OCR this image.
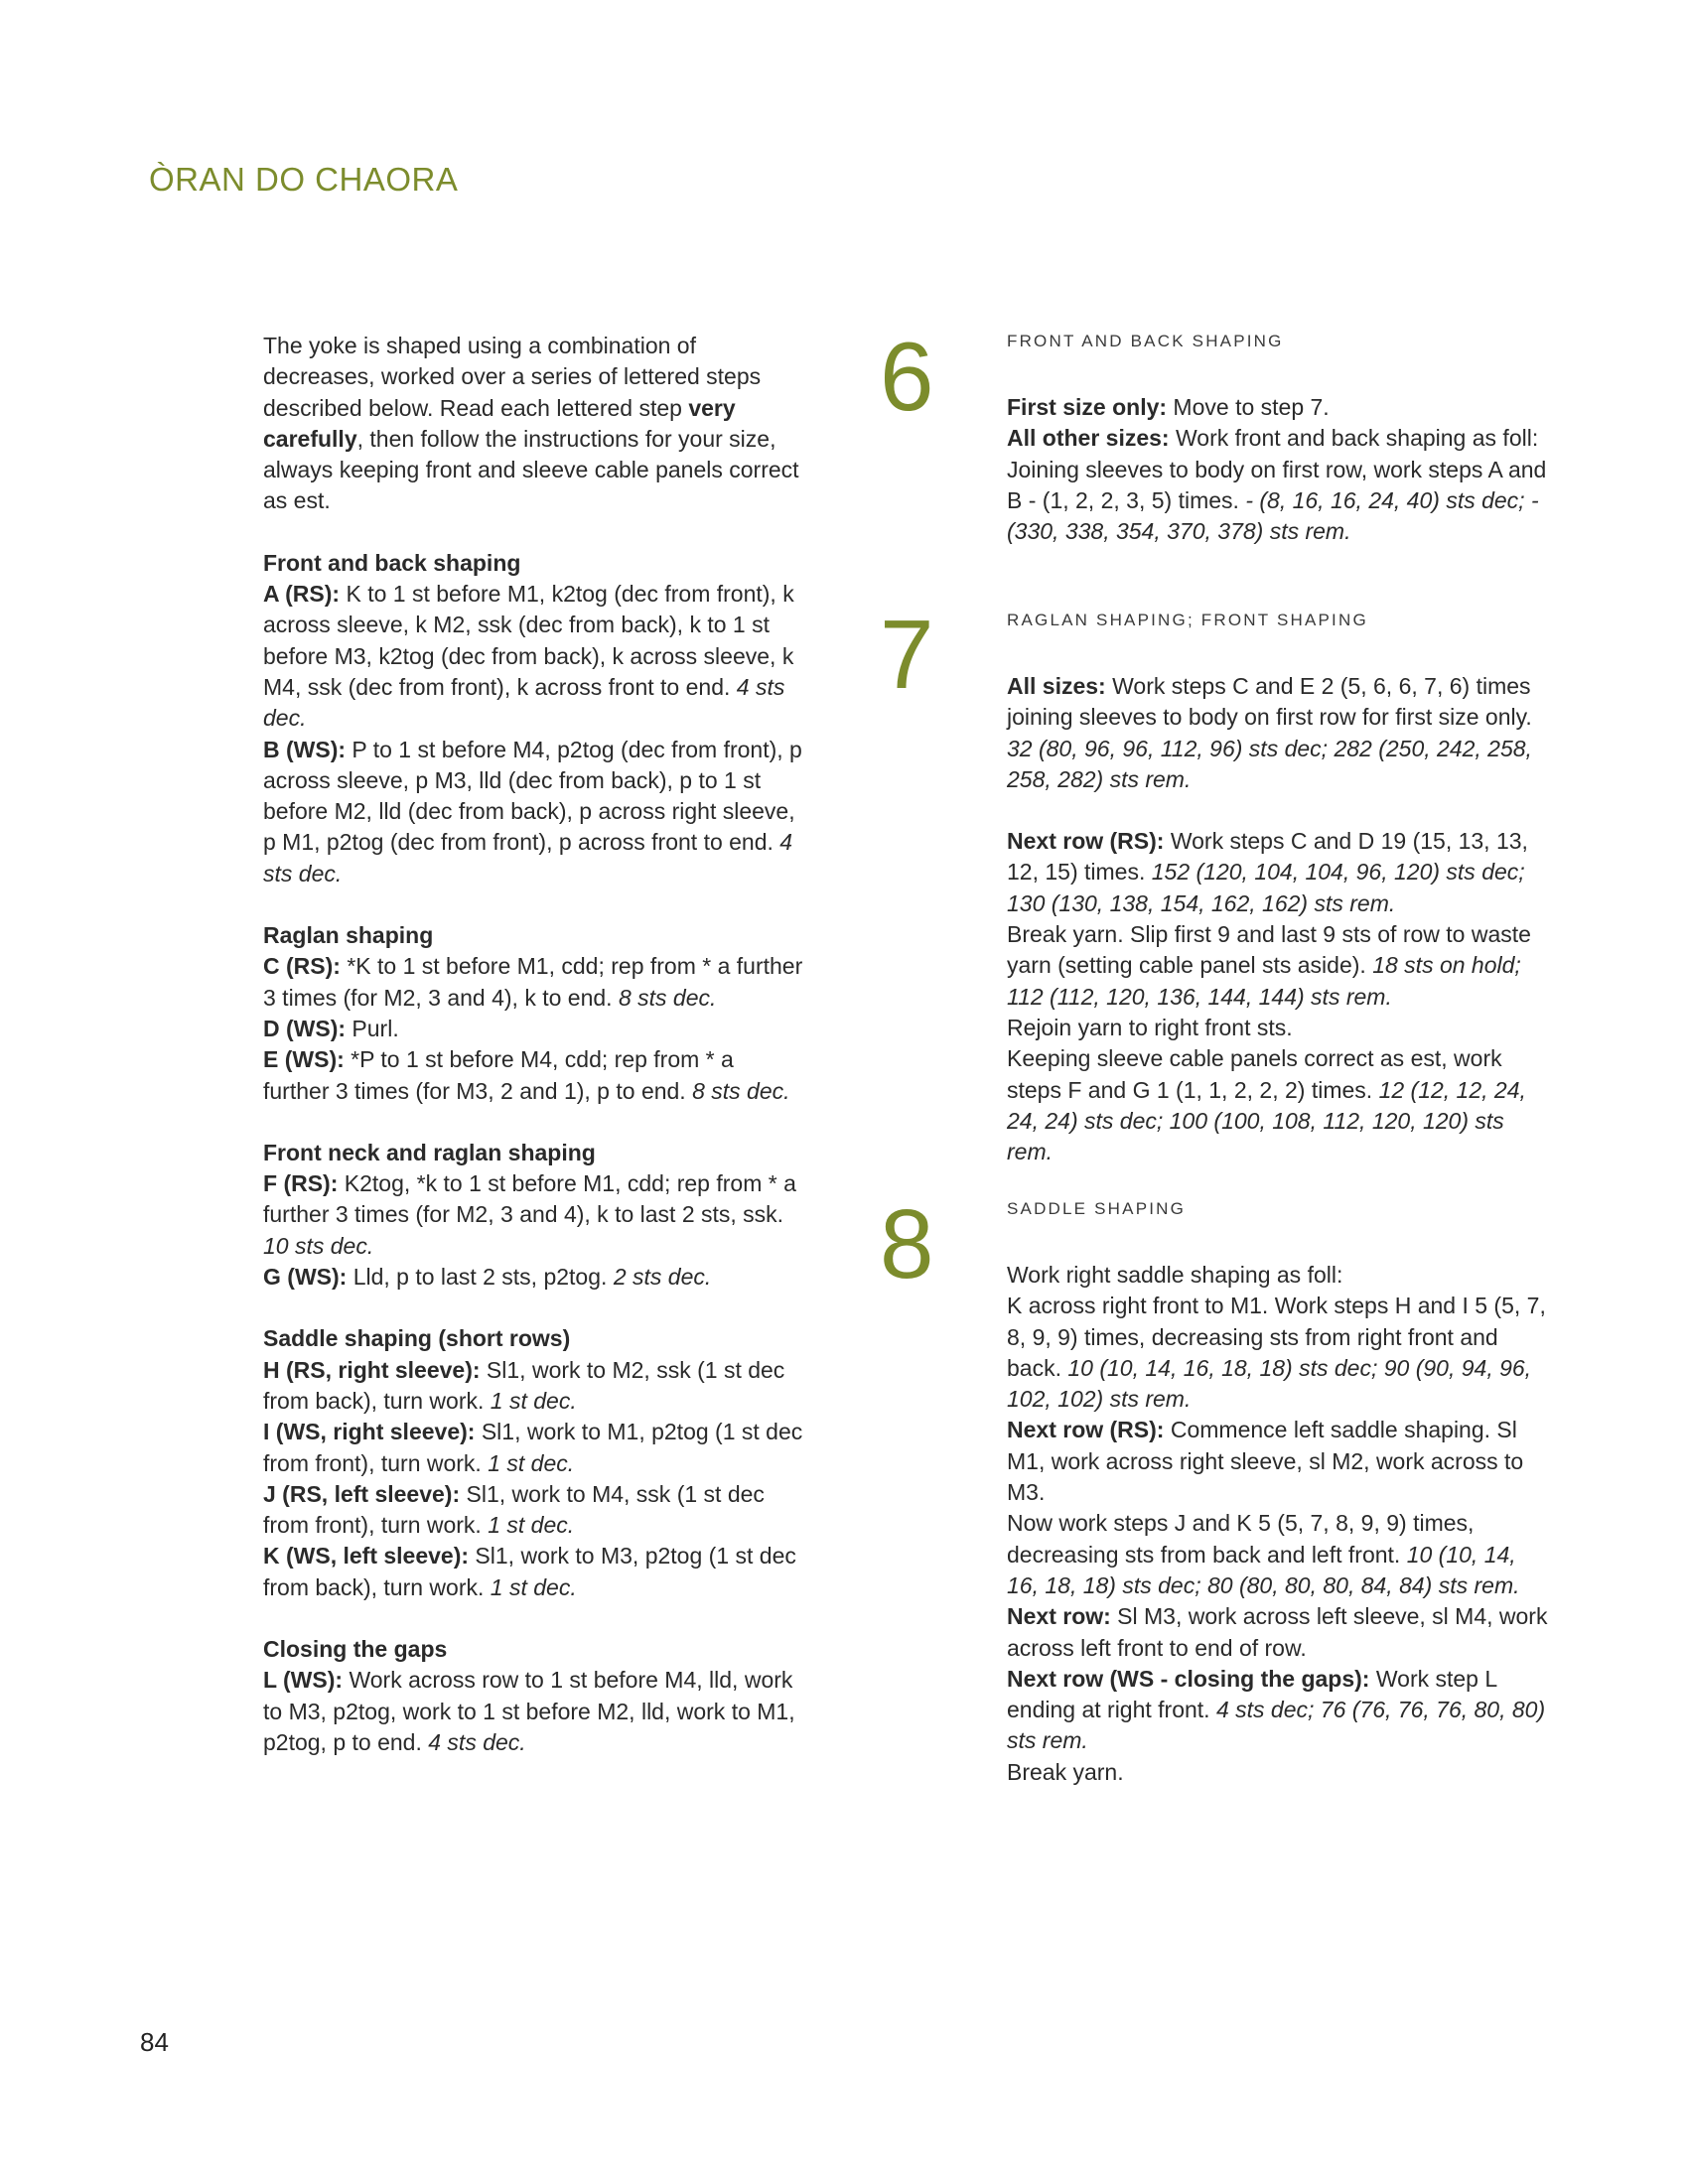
ÒRAN DO CHAORA

The yoke is shaped using a combination of decreases, worked over a series of lettered steps described below. Read each lettered step very carefully, then follow the instructions for your size, always keeping front and sleeve cable panels correct as est.

Front and back shaping

A (RS): K to 1 st before M1, k2tog (dec from front), k across sleeve, k M2, ssk (dec from back), k to 1 st before M3, k2tog (dec from back), k across sleeve, k M4, ssk (dec from front), k across front to end. 4 sts dec.

B (WS): P to 1 st before M4, p2tog (dec from front), p across sleeve, p M3, lld (dec from back), p to 1 st before M2, lld (dec from back), p across right sleeve, p M1, p2tog (dec from front), p across front to end. 4 sts dec.

Raglan shaping

C (RS): *K to 1 st before M1, cdd; rep from * a further 3 times (for M2, 3 and 4), k to end. 8 sts dec.

D (WS): Purl.

E (WS): *P to 1 st before M4, cdd; rep from * a further 3 times (for M3, 2 and 1), p to end. 8 sts dec.

Front neck and raglan shaping

F (RS): K2tog, *k to 1 st before M1, cdd; rep from * a further 3 times (for M2, 3 and 4), k to last 2 sts, ssk. 10 sts dec.

G (WS): Lld, p to last 2 sts, p2tog. 2 sts dec.

Saddle shaping (short rows)

H (RS, right sleeve): Sl1, work to M2, ssk (1 st dec from back), turn work. 1 st dec.

I (WS, right sleeve): Sl1, work to M1, p2tog (1 st dec from front), turn work. 1 st dec.

J (RS, left sleeve): Sl1, work to M4, ssk (1 st dec from front), turn work. 1 st dec.

K (WS, left sleeve): Sl1, work to M3, p2tog (1 st dec from back), turn work. 1 st dec.

Closing the gaps

L (WS): Work across row to 1 st before M4, lld, work to M3, p2tog, work to 1 st before M2, lld, work to M1, p2tog, p to end. 4 sts dec.

6	FRONT AND BACK SHAPING

First size only: Move to step 7.

All other sizes: Work front and back shaping as foll:

Joining sleeves to body on first row, work steps A and B - (1, 2, 2, 3, 5) times. - (8, 16, 16, 24, 40) sts dec; - (330, 338, 354, 370, 378) sts rem.

7	RAGLAN SHAPING; FRONT SHAPING

All sizes: Work steps C and E 2 (5, 6, 6, 7, 6) times joining sleeves to body on first row for first size only. 32 (80, 96, 96, 112, 96) sts dec; 282 (250, 242, 258, 258, 282) sts rem.

Next row (RS): Work steps C and D 19 (15, 13, 13, 12, 15) times. 152 (120, 104, 104, 96, 120) sts dec; 130 (130, 138, 154, 162, 162) sts rem.

Break yarn. Slip first 9 and last 9 sts of row to waste yarn (setting cable panel sts aside). 18 sts on hold; 112 (112, 120, 136, 144, 144) sts rem.

Rejoin yarn to right front sts.

Keeping sleeve cable panels correct as est, work steps F and G 1 (1, 1, 2, 2, 2) times. 12 (12, 12, 24, 24, 24) sts dec; 100 (100, 108, 112, 120, 120) sts rem.

8	SADDLE SHAPING

Work right saddle shaping as foll:

K across right front to M1. Work steps H and I 5 (5, 7, 8, 9, 9) times, decreasing sts from right front and back. 10 (10, 14, 16, 18, 18) sts dec; 90 (90, 94, 96, 102, 102) sts rem.

Next row (RS): Commence left saddle shaping. Sl M1, work across right sleeve, sl M2, work across to M3.

Now work steps J and K 5 (5, 7, 8, 9, 9) times, decreasing sts from back and left front. 10 (10, 14, 16, 18, 18) sts dec; 80 (80, 80, 80, 84, 84) sts rem.

Next row: Sl M3, work across left sleeve, sl M4, work across left front to end of row.

Next row (WS - closing the gaps): Work step L ending at right front. 4 sts dec; 76 (76, 76, 76, 80, 80) sts rem.

Break yarn.

84
